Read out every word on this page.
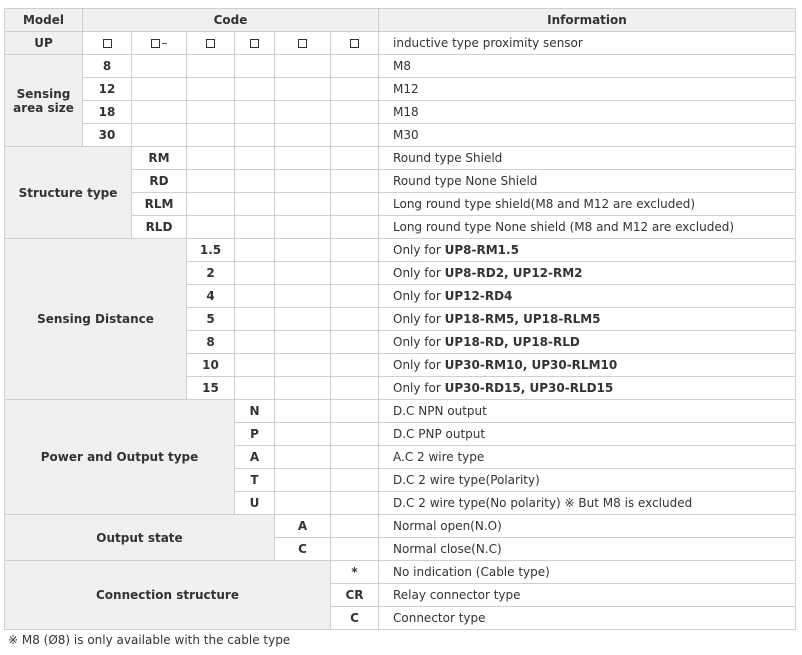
Model	Code						Information
UP		–					inductive type proximity sensor
Sensing area size	8						M8
	12						M12
	18						M18
	30						M30
Structure type		RM					Round type Shield
		RD					Round type None Shield
		RLM					Long round type shield(M8 and M12 are excluded)
		RLD					Long round type None shield (M8 and M12 are excluded)
Sensing Distance			1.5				Only for UP8-RM1.5
			2				Only for UP8-RD2, UP12-RM2
			4				Only for UP12-RD4
			5				Only for UP18-RM5, UP18-RLM5
			8				Only for UP18-RD, UP18-RLD
			10				Only for UP30-RM10, UP30-RLM10
			15				Only for UP30-RD15, UP30-RLD15
Power and Output type				N			D.C NPN output
				P			D.C PNP output
				A			A.C 2 wire type
				T			D.C 2 wire type(Polarity)
				U			D.C 2 wire type(No polarity) ※ But M8 is excluded
Output state					A		Normal open(N.O)
					C		Normal close(N.C)
Connection structure						*	No indication (Cable type)
						CR	Relay connector type
						C	Connector type
※ M8 (Ø8) is only available with the cable type
